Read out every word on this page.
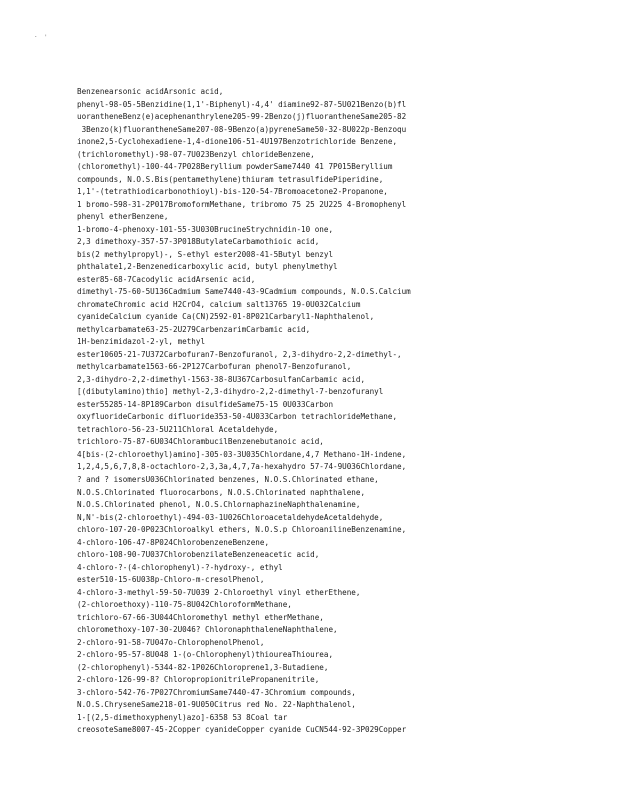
. '
Benzenearsonic acidArsonic acid,
phenyl-98-05-5Benzidine(1,1'-Biphenyl)-4,4' diamine92-87-5U021Benzo(b)fl
uorantheneBenz(e)acephenanthrylene205-99-2Benzo(j)fluorantheneSame205-82
3Benzo(k)fluorantheneSame207-08-9Benzo(a)pyreneSame50-32-8U022p-Benzoqu
inone2,5-Cyclohexadiene-1,4-dione106-51-4U197Benzotrichloride Benzene,
(trichloromethyl)-98-07-7U023Benzyl chlorideBenzene,
(chloromethyl)-100-44-7P028Beryllium powderSame7440 41 7P015Beryllium
compounds, N.O.S.Bis(pentamethylene)thiuram tetrasulfidePiperidine,
1,1'-(tetrathiodicarbonothioyl)-bis-120-54-7Bromoacetone2-Propanone,
1 bromo-598-31-2P017BromoformMethane, tribromo 75 25 2U225 4-Bromophenyl
phenyl etherBenzene,
1-bromo-4-phenoxy-101-55-3U030BrucineStrychnidin-10 one,
2,3 dimethoxy-357-57-3P018ButylateCarbamothioic acid,
bis(2 methylpropyl)-, S-ethyl ester2008-41-5Butyl benzyl
phthalate1,2-Benzenedicarboxylic acid, butyl phenylmethyl
ester85-68-7Cacodylic acidArsenic acid,
dimethyl-75-60-5U136Cadmium Same7440-43-9Cadmium compounds, N.O.S.Calcium
chromateChromic acid H2CrO4, calcium salt13765 19-0U032Calcium
cyanideCalcium cyanide Ca(CN)2592-01-8P021Carbaryl1-Naphthalenol,
methylcarbamate63-25-2U279CarbenzarimCarbamic acid,
1H-benzimidazol-2-yl, methyl
ester10605-21-7U372Carbofuran7-Benzofuranol, 2,3-dihydro-2,2-dimethyl-,
methylcarbamate1563-66-2P127Carbofuran phenol7-Benzofuranol,
2,3-dihydro-2,2-dimethyl-1563-38-8U367CarbosulfanCarbamic acid,
[(dibutylamino)thio] methyl-2,3-dihydro-2,2-dimethyl-7-benzofuranyl
ester55285-14-8P189Carbon disulfideSame75-15 0U033Carbon
oxyfluorideCarbonic difluoride353-50-4U033Carbon tetrachlorideMethane,
tetrachloro-56-23-5U211Chloral Acetaldehyde,
trichloro-75-87-6U034ChlorambucilBenzenebutanoic acid,
4[bis-(2-chloroethyl)amino]-305-03-3U035Chlordane,4,7 Methano-1H-indene,
1,2,4,5,6,7,8,8-octachloro-2,3,3a,4,7,7a-hexahydro 57-74-9U036Chlordane,
? and ? isomersU036Chlorinated benzenes, N.O.S.Chlorinated ethane,
N.O.S.Chlorinated fluorocarbons, N.O.S.Chlorinated naphthalene,
N.O.S.Chlorinated phenol, N.O.S.ChlornaphazineNaphthalenamine,
N,N'-bis(2-chloroethyl)-494-03-1U026ChloroacetaldehydeAcetaldehyde,
chloro-107-20-0P023Chloroalkyl ethers, N.O.S.p ChloroanilineBenzenamine,
4-chloro-106-47-8P024ChlorobenzeneBenzene,
chloro-108-90-7U037ChlorobenzilateBenzeneacetic acid,
4-chloro-?-(4-chlorophenyl)-?-hydroxy-, ethyl
ester510-15-6U038p-Chloro-m-cresolPhenol,
4-chloro-3-methyl-59-50-7U039 2-Chloroethyl vinyl etherEthene,
(2-chloroethoxy)-110-75-8U042ChloroformMethane,
trichloro-67-66-3U044Chloromethyl methyl etherMethane,
chloromethoxy-107-30-2U046? ChloronaphthaleneNaphthalene,
2-chloro-91-58-7U047o-ChlorophenolPhenol,
2-chloro-95-57-8U048 1-(o-Chlorophenyl)thioureaThiourea,
(2-chlorophenyl)-5344-82-1P026Chloroprene1,3-Butadiene,
2-chloro-126-99-8? ChloropropionitrilePropanenitrile,
3-chloro-542-76-7P027ChromiumSame7440-47-3Chromium compounds,
N.O.S.ChryseneSame218-01-9U050Citrus red No. 22-Naphthalenol,
1-[(2,5-dimethoxyphenyl)azo]-6358 53 8Coal tar
creosoteSame8007-45-2Copper cyanideCopper cyanide CuCN544-92-3P029Copper
